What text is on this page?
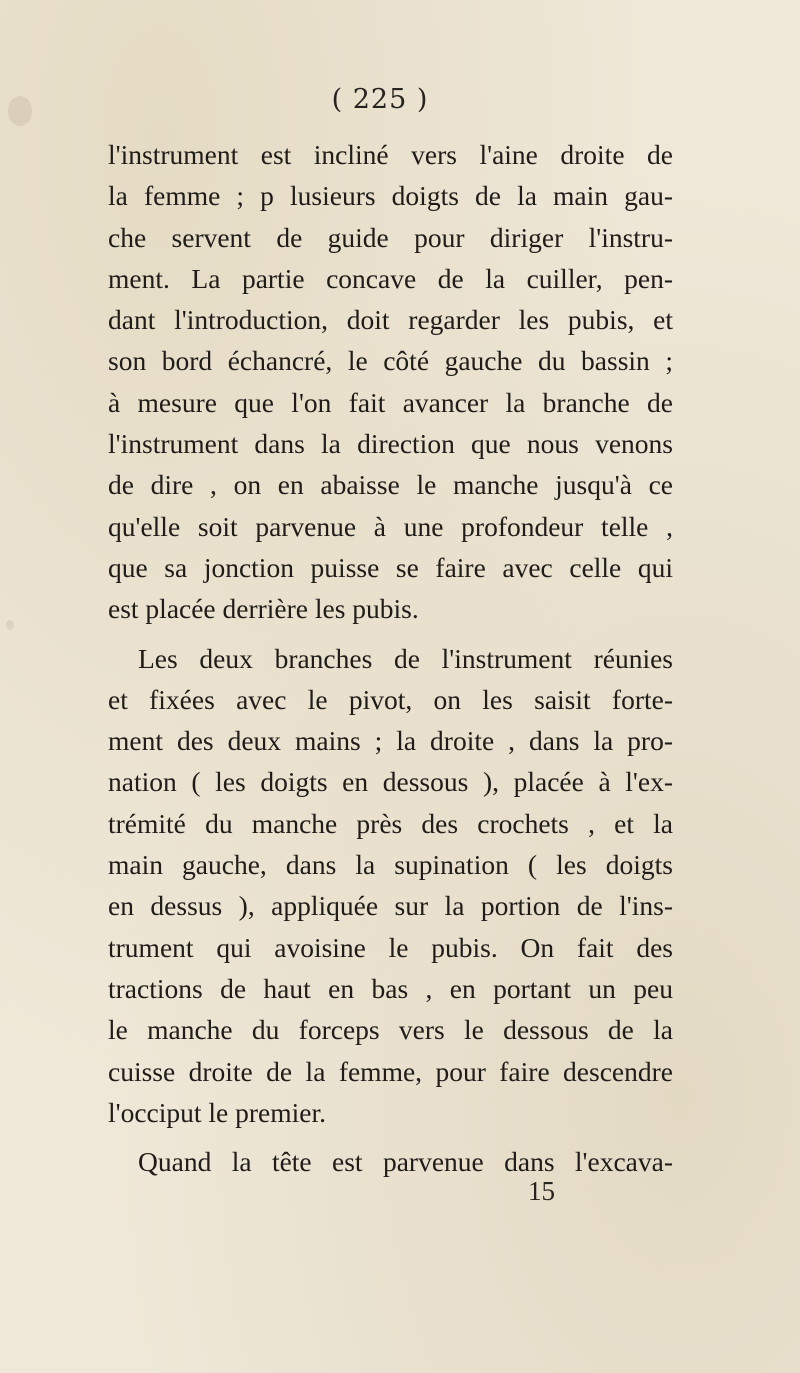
( 225 )
l'instrument est incliné vers l'aine droite de
la femme ; p lusieurs doigts de la main gau-
che servent de guide pour diriger l'instru-
ment. La partie concave de la cuiller, pen-
dant l'introduction, doit regarder les pubis, et
son bord échancré, le côté gauche du bassin ;
à mesure que l'on fait avancer la branche de
l'instrument dans la direction que nous venons
de dire , on en abaisse le manche jusqu'à ce
qu'elle soit parvenue à une profondeur telle ,
que sa jonction puisse se faire avec celle qui
est placée derrière les pubis.
Les deux branches de l'instrument réunies
et fixées avec le pivot, on les saisit forte-
ment des deux mains ; la droite , dans la pro-
nation ( les doigts en dessous ), placée à l'ex-
trémité du manche près des crochets , et la
main gauche, dans la supination ( les doigts
en dessus ), appliquée sur la portion de l'ins-
trument qui avoisine le pubis. On fait des
tractions de haut en bas , en portant un peu
le manche du forceps vers le dessous de la
cuisse droite de la femme, pour faire descendre
l'occiput le premier.
Quand la tête est parvenue dans l'excava-
15
